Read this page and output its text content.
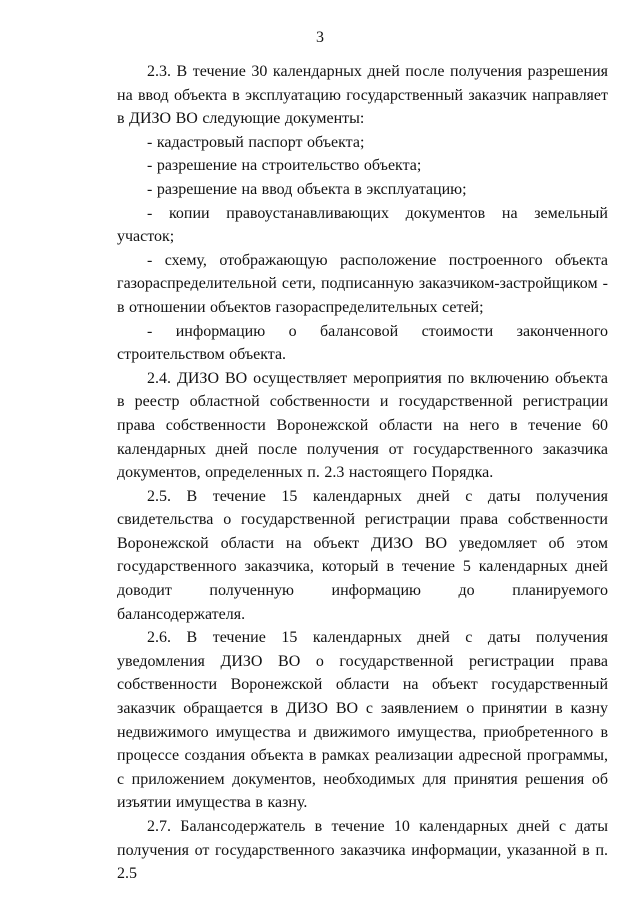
3

2.3. В течение 30 календарных дней после получения разрешения на ввод объекта в эксплуатацию государственный заказчик направляет в ДИЗО ВО следующие документы:

- кадастровый паспорт объекта;

- разрешение на строительство объекта;

- разрешение на ввод объекта в эксплуатацию;

- копии правоустанавливающих документов на земельный участок;

- схему, отображающую расположение построенного объекта газораспределительной сети, подписанную заказчиком-застройщиком - в отношении объектов газораспределительных сетей;

- информацию о балансовой стоимости законченного строительством объекта.

2.4. ДИЗО ВО осуществляет мероприятия по включению объекта в реестр областной собственности и государственной регистрации права собственности Воронежской области на него в течение 60 календарных дней после получения от государственного заказчика документов, определенных п. 2.3 настоящего Порядка.

2.5. В течение 15 календарных дней с даты получения свидетельства о государственной регистрации права собственности Воронежской области на объект ДИЗО ВО уведомляет об этом государственного заказчика, который в течение 5 календарных дней доводит полученную информацию до планируемого балансодержателя.

2.6. В течение 15 календарных дней с даты получения уведомления ДИЗО ВО о государственной регистрации права собственности Воронежской области на объект государственный заказчик обращается в ДИЗО ВО с заявлением о принятии в казну недвижимого имущества и движимого имущества, приобретенного в процессе создания объекта в рамках реализации адресной программы, с приложением документов, необходимых для принятия решения об изъятии имущества в казну.

2.7. Балансодержатель в течение 10 календарных дней с даты получения от государственного заказчика информации, указанной в п. 2.5
